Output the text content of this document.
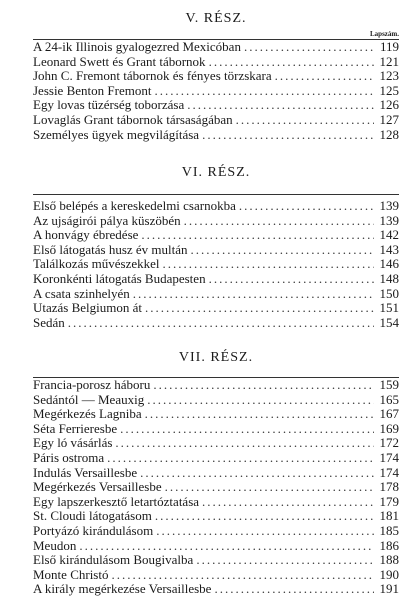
V. RÉSZ.
Lapszám.
A 24-ik Illinois gyalogezred Mexicóban .....	119
Leonard Swett és Grant tábornok .....	121
John C. Fremont tábornok és fényes törzskara .....	123
Jessie Benton Fremont .....	125
Egy lovas tüzérség toborzása .....	126
Lovaglás Grant tábornok társaságában .....	127
Személyes ügyek megvilágítása .....	128
VI. RÉSZ.
Első belépés a kereskedelmi csarnokba .....	139
Az ujságirói pálya küszöbén .....	139
A honvágy ébredése .....	142
Első látogatás husz év multán .....	143
Találkozás művészekkel .....	146
Koronkénti látogatás Budapesten .....	148
A csata szinhelyén .....	150
Utazás Belgiumon át .....	151
Sedán .....	154
VII. RÉSZ.
Francia-porosz háboru .....	159
Sedántól — Meauxig .....	165
Megérkezés Lagniba .....	167
Séta Ferrieresbe .....	169
Egy ló vásárlás .....	172
Páris ostroma .....	174
Indulás Versaillesbe .....	174
Megérkezés Versaillesbe .....	178
Egy lapszerkesztő letartóztatása .....	179
St. Cloudi látogatásom .....	181
Portyázó kirándulásom .....	185
Meudon .....	186
Első kirándulásom Bougivalba .....	188
Monte Christó .....	190
A király megérkezése Versaillesbe .....	191
